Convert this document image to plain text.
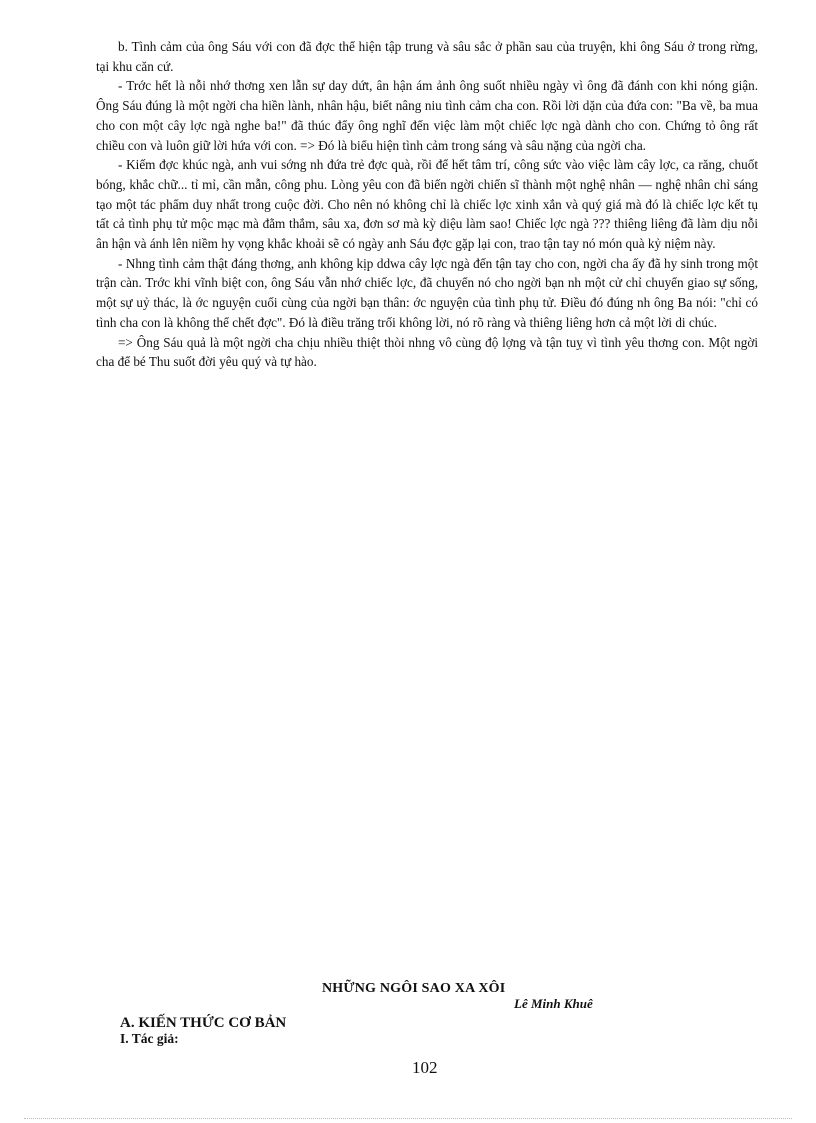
b. Tình cảm của ông Sáu với con đã đợc thể hiện tập trung và sâu sắc ở phần sau của truyện, khi ông Sáu ở trong rừng, tại khu căn cứ.

- Trớc hết là nỗi nhớ thơng xen lẫn sự day dứt, ân hận ám ảnh ông suốt nhiều ngày vì ông đã đánh con khi nóng giận. Ông Sáu đúng là một ngời cha hiền lành, nhân hậu, biết nâng niu tình cảm cha con. Rồi lời dặn của đứa con: "Ba về, ba mua cho con một cây lợc ngà nghe ba!" đã thúc đẩy ông nghĩ đến việc làm một chiếc lợc ngà dành cho con. Chứng tỏ ông rất chiều con và luôn giữ lời hứa với con. => Đó là biểu hiện tình cảm trong sáng và sâu nặng của ngời cha.

- Kiếm đợc khúc ngà, anh vui sớng nh đứa trẻ đợc quà, rồi để hết tâm trí, công sức vào việc làm cây lợc, ca răng, chuốt bóng, khắc chữ... tỉ mỉ, cần mẫn, công phu. Lòng yêu con đã biến ngời chiến sĩ thành một nghệ nhân — nghệ nhân chỉ sáng tạo một tác phẩm duy nhất trong cuộc đời. Cho nên nó không chỉ là chiếc lợc xinh xắn và quý giá mà đó là chiếc lợc kết tụ tất cả tình phụ tử mộc mạc mà đằm thắm, sâu xa, đơn sơ mà kỳ diệu làm sao! Chiếc lợc ngà ??? thiêng liêng đã làm dịu nỗi ân hận và ánh lên niềm hy vọng khắc khoải sẽ có ngày anh Sáu đợc gặp lại con, trao tận tay nó món quà kỷ niệm này.

- Nhng tình cảm thật đáng thơng, anh không kịp ddwa cây lợc ngà đến tận tay cho con, ngời cha ấy đã hy sinh trong một trận càn. Trớc khi vĩnh biệt con, ông Sáu vẫn nhớ chiếc lợc, đã chuyển nó cho ngời bạn nh một cử chỉ chuyển giao sự sống, một sự uỷ thác, là ớc nguyện cuối cùng của ngời bạn thân: ớc nguyện của tình phụ tử. Điều đó đúng nh ông Ba nói: "chỉ có tình cha con là không thể chết đợc". Đó là điều trăng trối không lời, nó rõ ràng và thiêng liêng hơn cả một lời di chúc.

=> Ông Sáu quả là một ngời cha chịu nhiều thiệt thòi nhng vô cùng độ lợng và tận tuỵ vì tình yêu thơng con. Một ngời cha để bé Thu suốt đời yêu quý và tự hào.

NHỮNG NGÔI SAO XA XÔI
Lê Minh Khuê
A. KIẾN THỨC CƠ BẢN
I. Tác giả:
102
